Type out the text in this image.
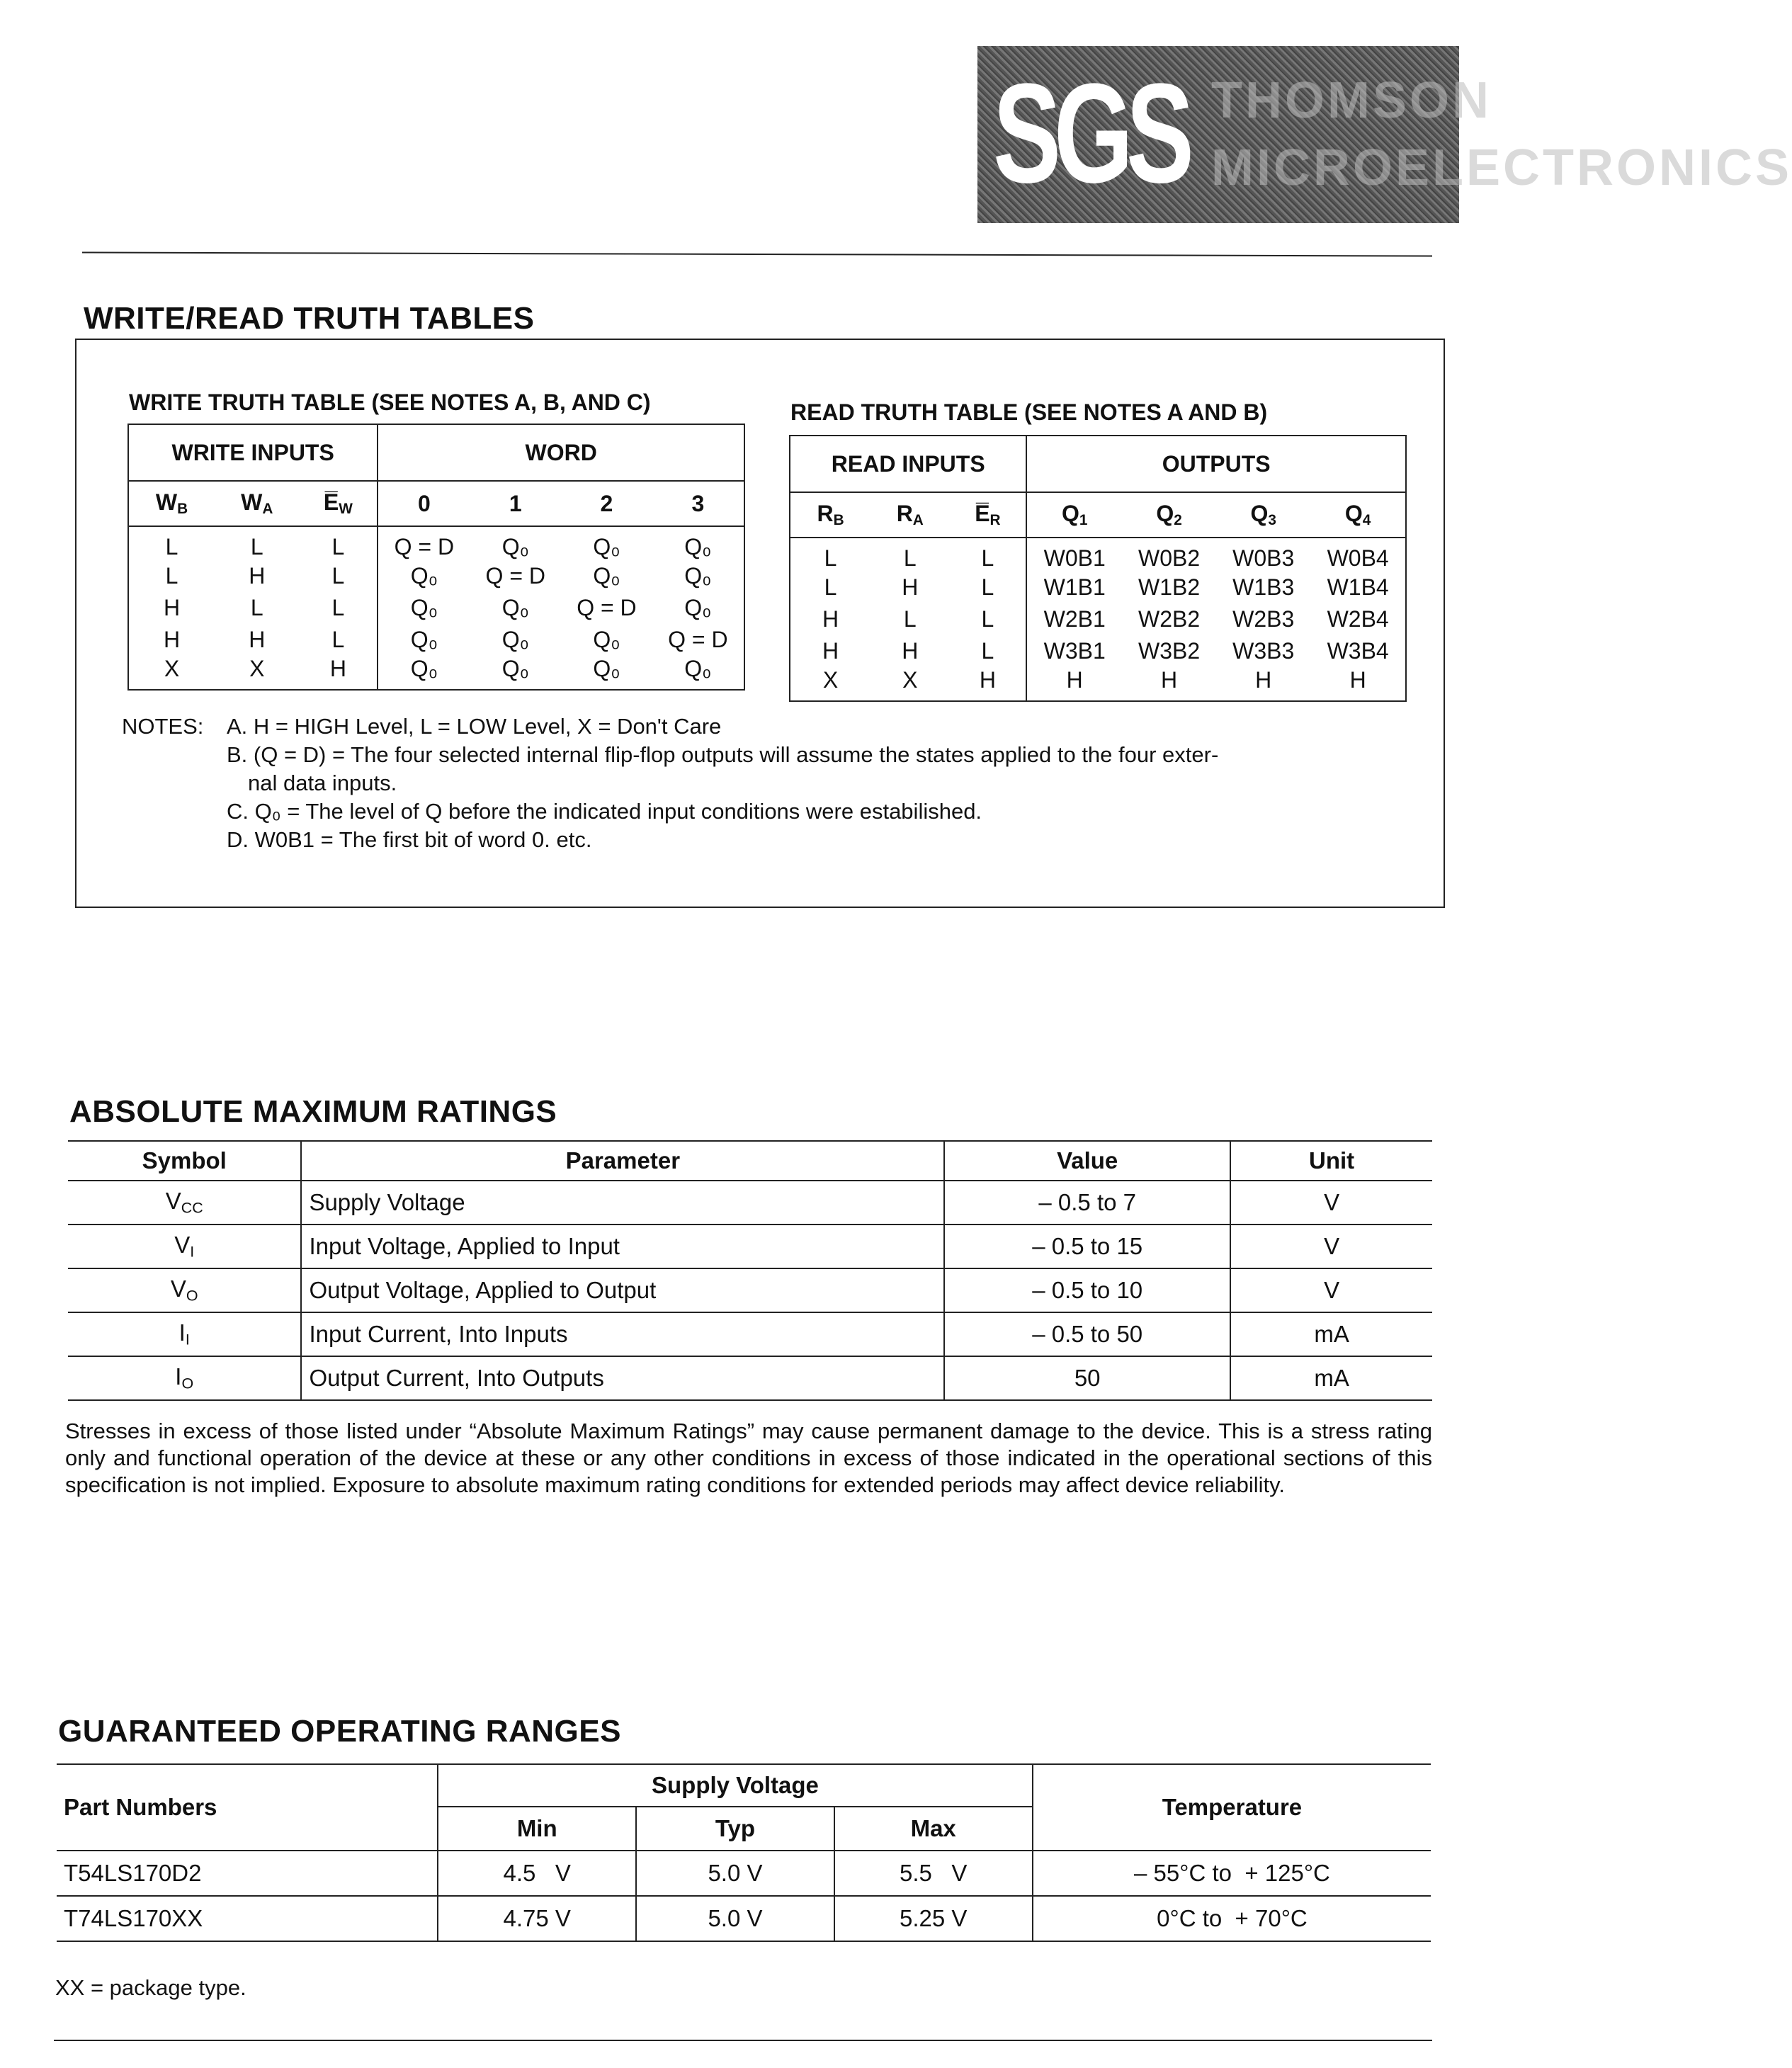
SGS THOMSON MICROELECTRONICS
WRITE/READ TRUTH TABLES
WRITE TRUTH TABLE (SEE NOTES A, B, AND C)
WRITE INPUTS			WORD			
$W_B$	$W_A$	$E̅_W$	0	1	2	3
L	L	L	Q = D	Q₀	Q₀	Q₀
L	H	L	Q₀	Q = D	Q₀	Q₀
H	L	L	Q₀	Q₀	Q = D	Q₀
H	H	L	Q₀	Q₀	Q₀	Q = D
X	X	H	Q₀	Q₀	Q₀	Q₀
READ TRUTH TABLE (SEE NOTES A AND B)
READ INPUTS			OUTPUTS			
$R_B$	$R_A$	$E̅_R$	$Q_1$	$Q_2$	$Q_3$	$Q_4$
L	L	L	W0B1	W0B2	W0B3	W0B4
L	H	L	W1B1	W1B2	W1B3	W1B4
H	L	L	W2B1	W2B2	W2B3	W2B4
H	H	L	W3B1	W3B2	W3B3	W3B4
X	X	H	H	H	H	H
NOTES: A. H = HIGH Level, L = LOW Level, X = Don't Care
B. (Q = D) = The four selected internal flip-flop outputs will assume the states applied to the four exter-
nal data inputs.
C. Q₀ = The level of Q before the indicated input conditions were estabilished.
D. W0B1 = The first bit of word 0. etc.
ABSOLUTE MAXIMUM RATINGS
Symbol	Parameter	Value	Unit
$V_{CC}$	Supply Voltage	– 0.5 to 7	V
$V_I$	Input Voltage, Applied to Input	– 0.5 to 15	V
$V_O$	Output Voltage, Applied to Output	– 0.5 to 10	V
$I_I$	Input Current, Into Inputs	– 0.5 to 50	mA
$I_O$	Output Current, Into Outputs	50	mA
Stresses in excess of those listed under “Absolute Maximum Ratings” may cause permanent damage to the device. This is a stress rating only and functional operation of the device at these or any other conditions in excess of those indicated in the operational sections of this specification is not implied. Exposure to absolute maximum rating conditions for extended periods may affect device reliability.
GUARANTEED OPERATING RANGES
Part Numbers	Supply Voltage			Temperature
	Min	Typ	Max	
T54LS170D2	4.5   V	5.0 V	5.5   V	– 55°C to  + 125°C
T74LS170XX	4.75 V	5.0 V	5.25 V	0°C to  + 70°C
XX = package type.
